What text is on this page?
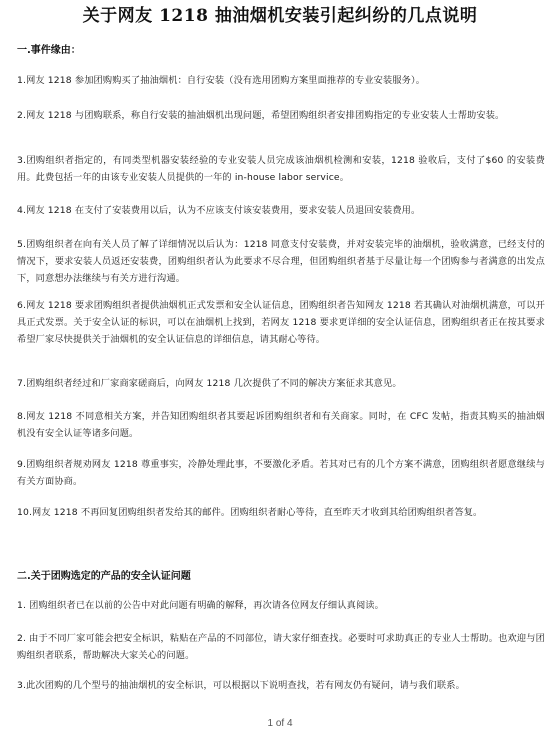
关于网友 1218 抽油烟机安装引起纠纷的几点说明
一.事件缘由：
1.网友 1218 参加团购购买了抽油烟机：自行安装（没有选用团购方案里面推荐的专业安装服务）。
2.网友 1218 与团购联系，称自行安装的抽油烟机出现问题，希望团购组织者安排团购指定的专业安装人士帮助安装。
3.团购组织者指定的，有同类型机器安装经验的专业安装人员完成该油烟机检测和安装，1218 验收后，支付了$60 的安装费用。此费包括一年的由该专业安装人员提供的一年的 in-house labor service。
4.网友 1218 在支付了安装费用以后，认为不应该支付该安装费用，要求安装人员退回安装费用。
5.团购组织者在向有关人员了解了详细情况以后认为：1218 同意支付安装费，并对安装完毕的油烟机，验收满意，已经支付的情况下，要求安装人员返还安装费，团购组织者认为此要求不尽合理，但团购组织者基于尽量让每一个团购参与者满意的出发点下，同意想办法继续与有关方进行沟通。
6.网友 1218 要求团购组织者提供油烟机正式发票和安全认证信息，团购组织者告知网友 1218 若其确认对油烟机满意，可以开具正式发票。关于安全认证的标识，可以在油烟机上找到，若网友 1218 要求更详细的安全认证信息，团购组织者正在按其要求希望厂家尽快提供关于油烟机的安全认证信息的详细信息，请其耐心等待。
7.团购组织者经过和厂家商家磋商后，向网友 1218 几次提供了不同的解决方案征求其意见。
8.网友 1218 不同意相关方案，并告知团购组织者其要起诉团购组织者和有关商家。同时，在 CFC 发帖，指责其购买的抽油烟机没有安全认证等诸多问题。
9.团购组织者规劝网友 1218 尊重事实，冷静处理此事，不要激化矛盾。若其对已有的几个方案不满意，团购组织者愿意继续与有关方面协商。
10.网友 1218 不再回复团购组织者发给其的邮件。团购组织者耐心等待，直至昨天才收到其给团购组织者答复。
二.关于团购选定的产品的安全认证问题
1. 团购组织者已在以前的公告中对此问题有明确的解释，再次请各位网友仔细认真阅读。
2. 由于不同厂家可能会把安全标识，粘贴在产品的不同部位，请大家仔细查找。必要时可求助真正的专业人士帮助。也欢迎与团购组织者联系，帮助解决大家关心的问题。
3.此次团购的几个型号的抽油烟机的安全标识，可以根据以下说明查找，若有网友仍有疑问，请与我们联系。
1 of 4
